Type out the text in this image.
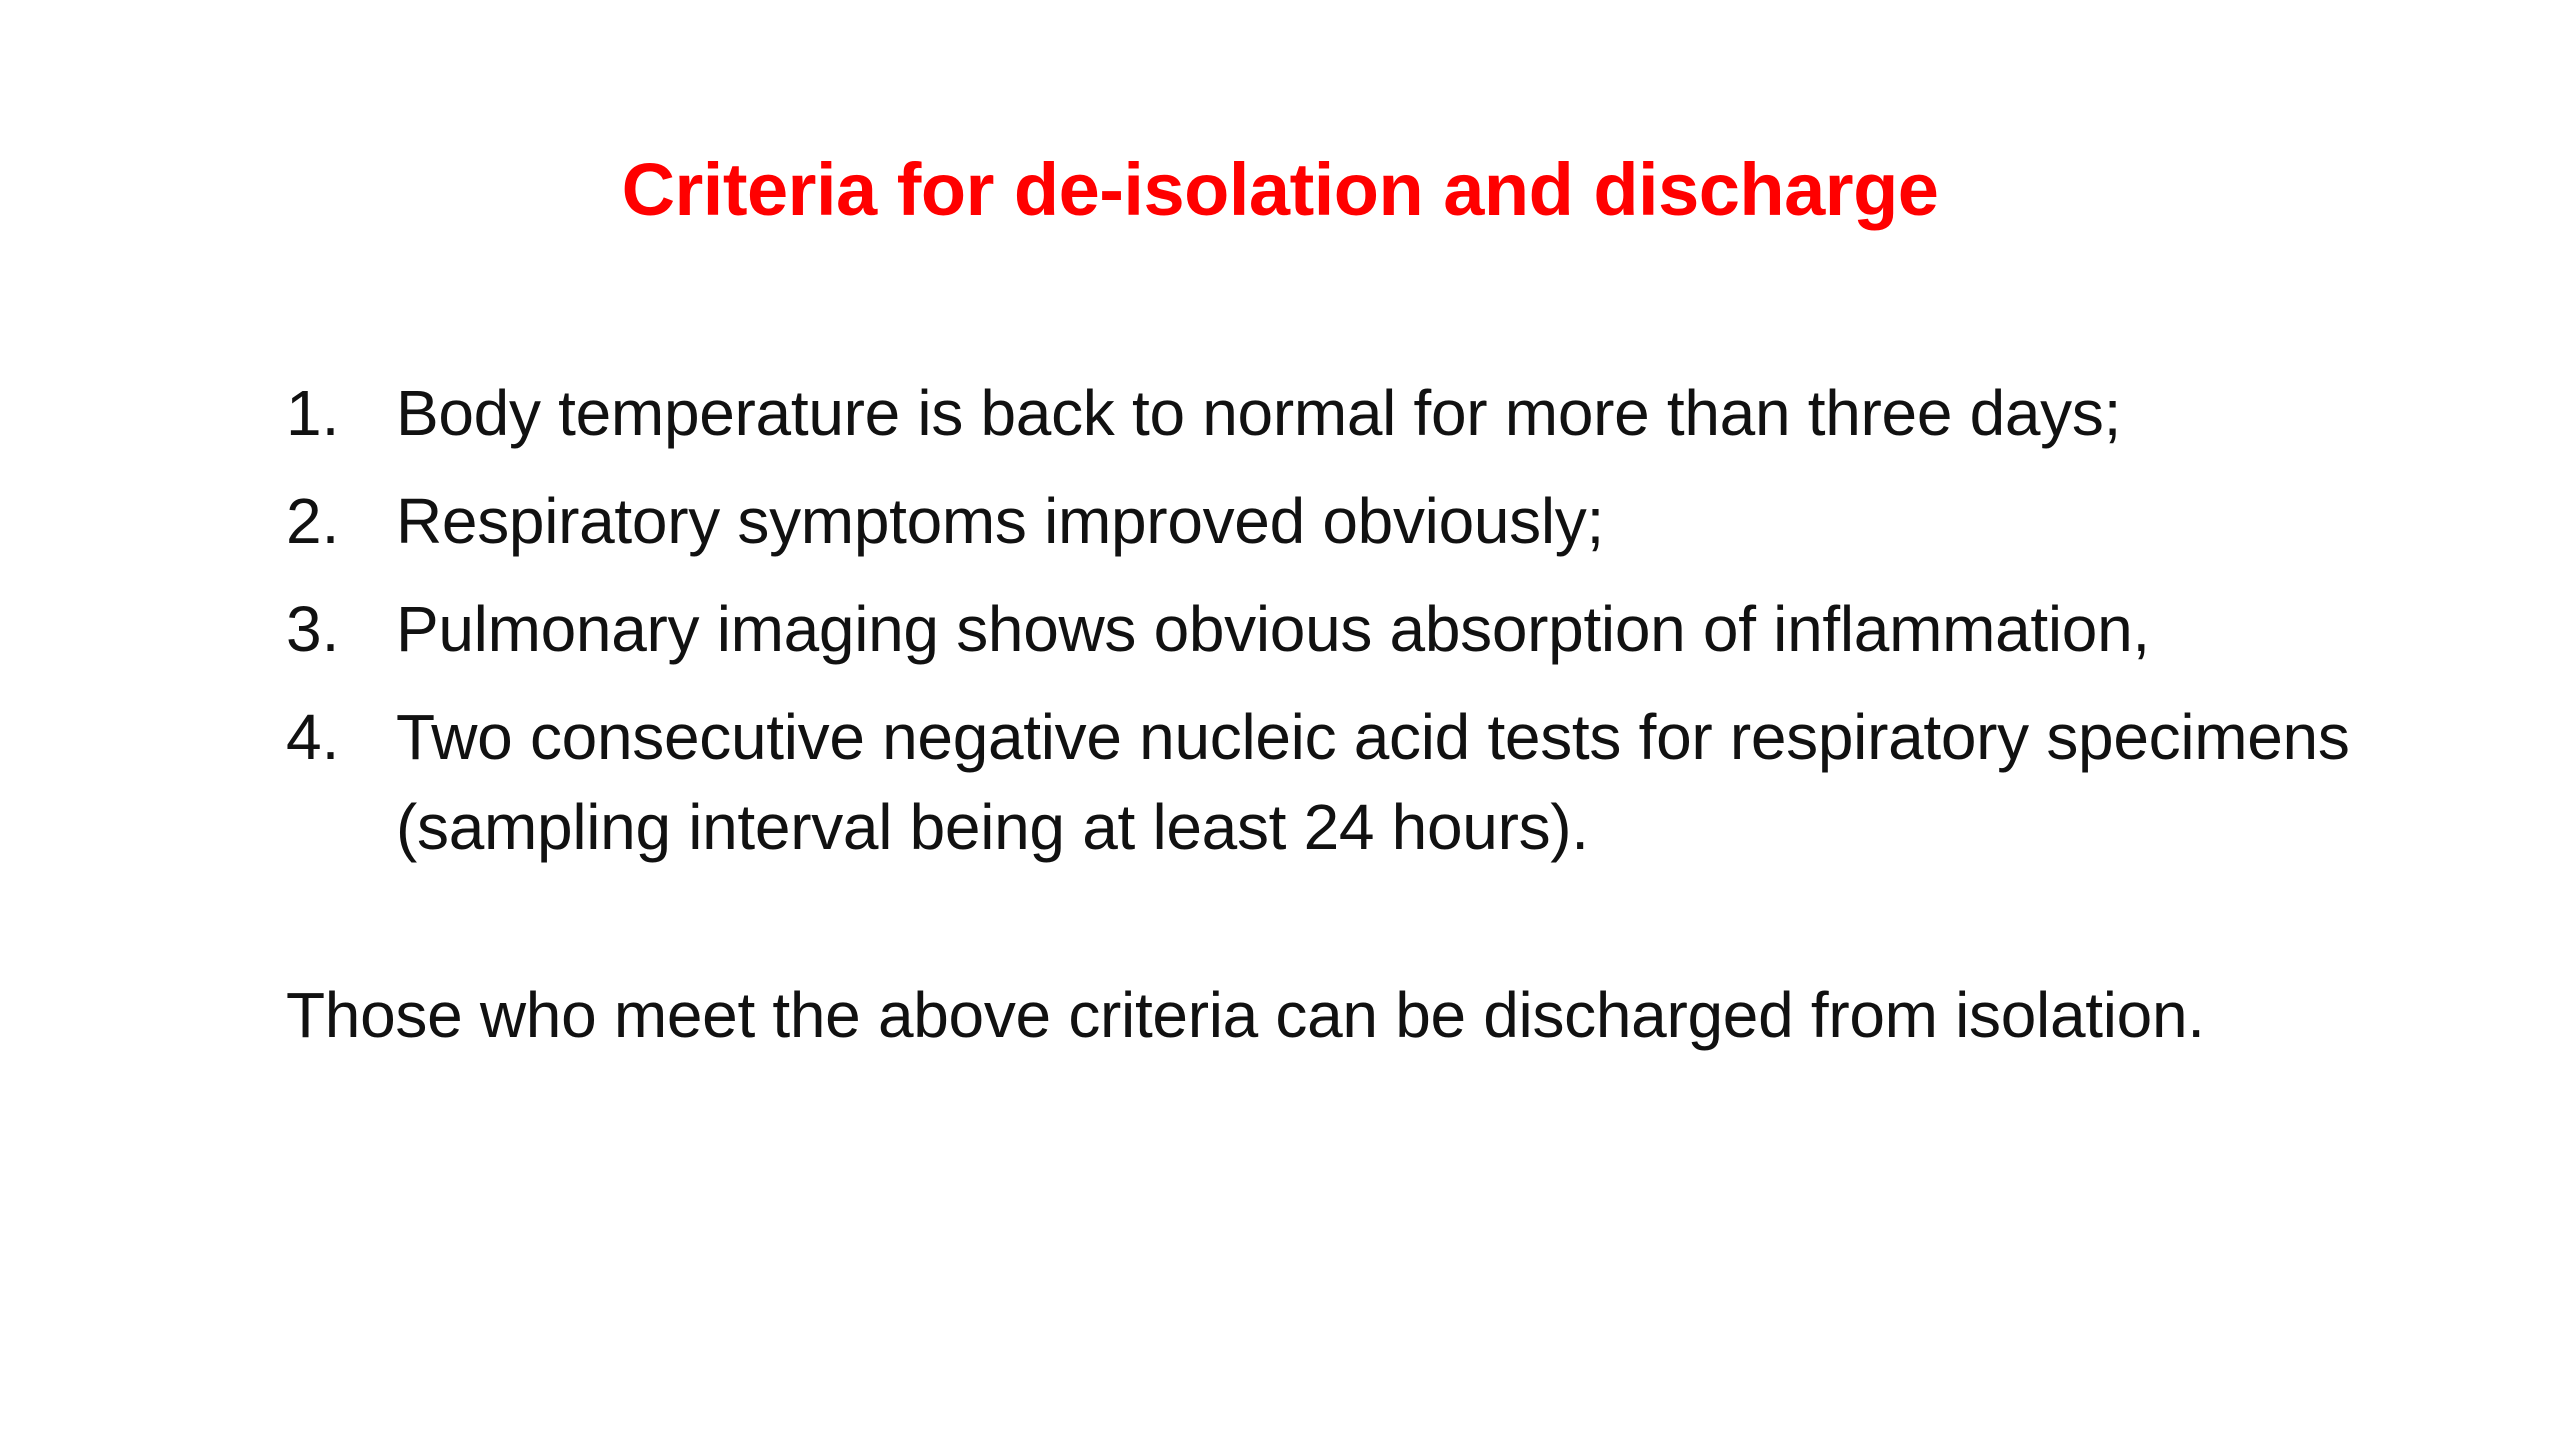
Criteria for de-isolation and discharge
1. Body temperature is back to normal for more than three days;
2. Respiratory symptoms improved obviously;
3. Pulmonary imaging shows obvious absorption of inflammation,
4. Two consecutive negative nucleic acid tests for respiratory specimens (sampling interval being at least 24 hours).
Those who meet the above criteria can be discharged from isolation.
